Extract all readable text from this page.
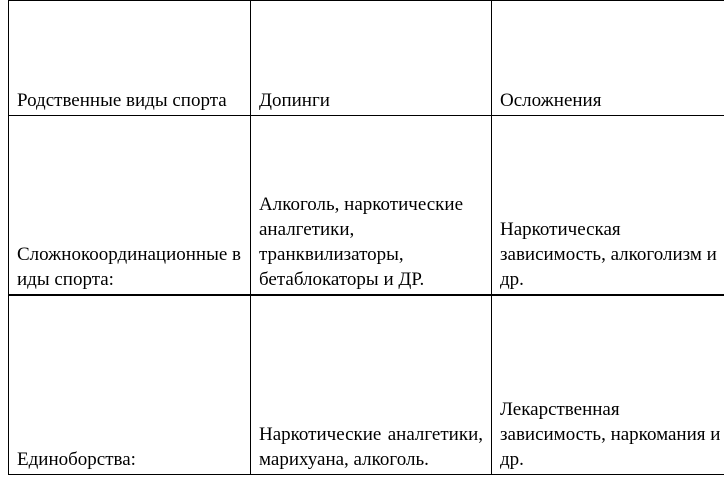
Родственные виды спорта	Допинги	Осложнения

Сложнокоординационные виды спорта:	Алкоголь, наркотические аналгетики, транквилизаторы, бетаблокаторы и ДР.	Наркотическая зависимость, алкоголизм и др.

Единоборства:	Наркотические аналгетики, марихуана, алкоголь.	Лекарственная зависимость, наркомания и др.
